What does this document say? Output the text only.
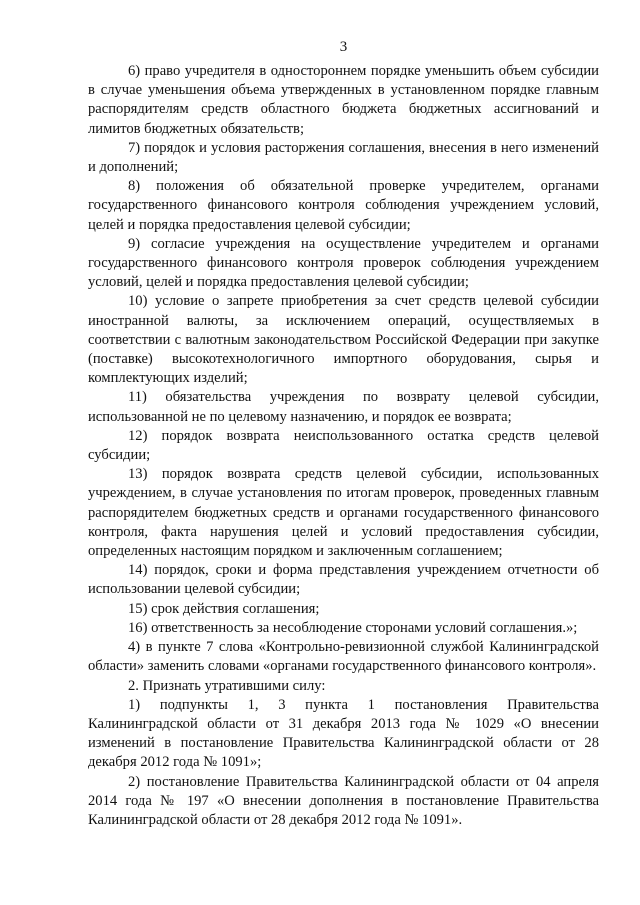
3

6) право учредителя в одностороннем порядке уменьшить объем субсидии в случае уменьшения объема утвержденных в установленном порядке главным распорядителям средств областного бюджета бюджетных ассигнований и лимитов бюджетных обязательств;

7) порядок и условия расторжения соглашения, внесения в него изменений и дополнений;

8) положения об обязательной проверке учредителем, органами государственного финансового контроля соблюдения учреждением условий, целей и порядка предоставления целевой субсидии;

9) согласие учреждения на осуществление учредителем и органами государственного финансового контроля проверок соблюдения учреждением условий, целей и порядка предоставления целевой субсидии;

10) условие о запрете приобретения за счет средств целевой субсидии иностранной валюты, за исключением операций, осуществляемых в соответствии с валютным законодательством Российской Федерации при закупке (поставке) высокотехнологичного импортного оборудования, сырья и комплектующих изделий;

11) обязательства учреждения по возврату целевой субсидии, использованной не по целевому назначению, и порядок ее возврата;

12) порядок возврата неиспользованного остатка средств целевой субсидии;

13) порядок возврата средств целевой субсидии, использованных учреждением, в случае установления по итогам проверок, проведенных главным распорядителем бюджетных средств и органами государственного финансового контроля, факта нарушения целей и условий предоставления субсидии, определенных настоящим порядком и заключенным соглашением;

14) порядок, сроки и форма представления учреждением отчетности об использовании целевой субсидии;

15) срок действия соглашения;

16) ответственность за несоблюдение сторонами условий соглашения.»;

4) в пункте 7 слова «Контрольно-ревизионной службой Калининградской области» заменить словами «органами государственного финансового контроля».

2. Признать утратившими силу:

1) подпункты 1, 3 пункта 1 постановления Правительства Калининградской области от 31 декабря 2013 года № 1029 «О внесении изменений в постановление Правительства Калининградской области от 28 декабря 2012 года № 1091»;

2) постановление Правительства Калининградской области от 04 апреля 2014 года № 197 «О внесении дополнения в постановление Правительства Калининградской области от 28 декабря 2012 года № 1091».
